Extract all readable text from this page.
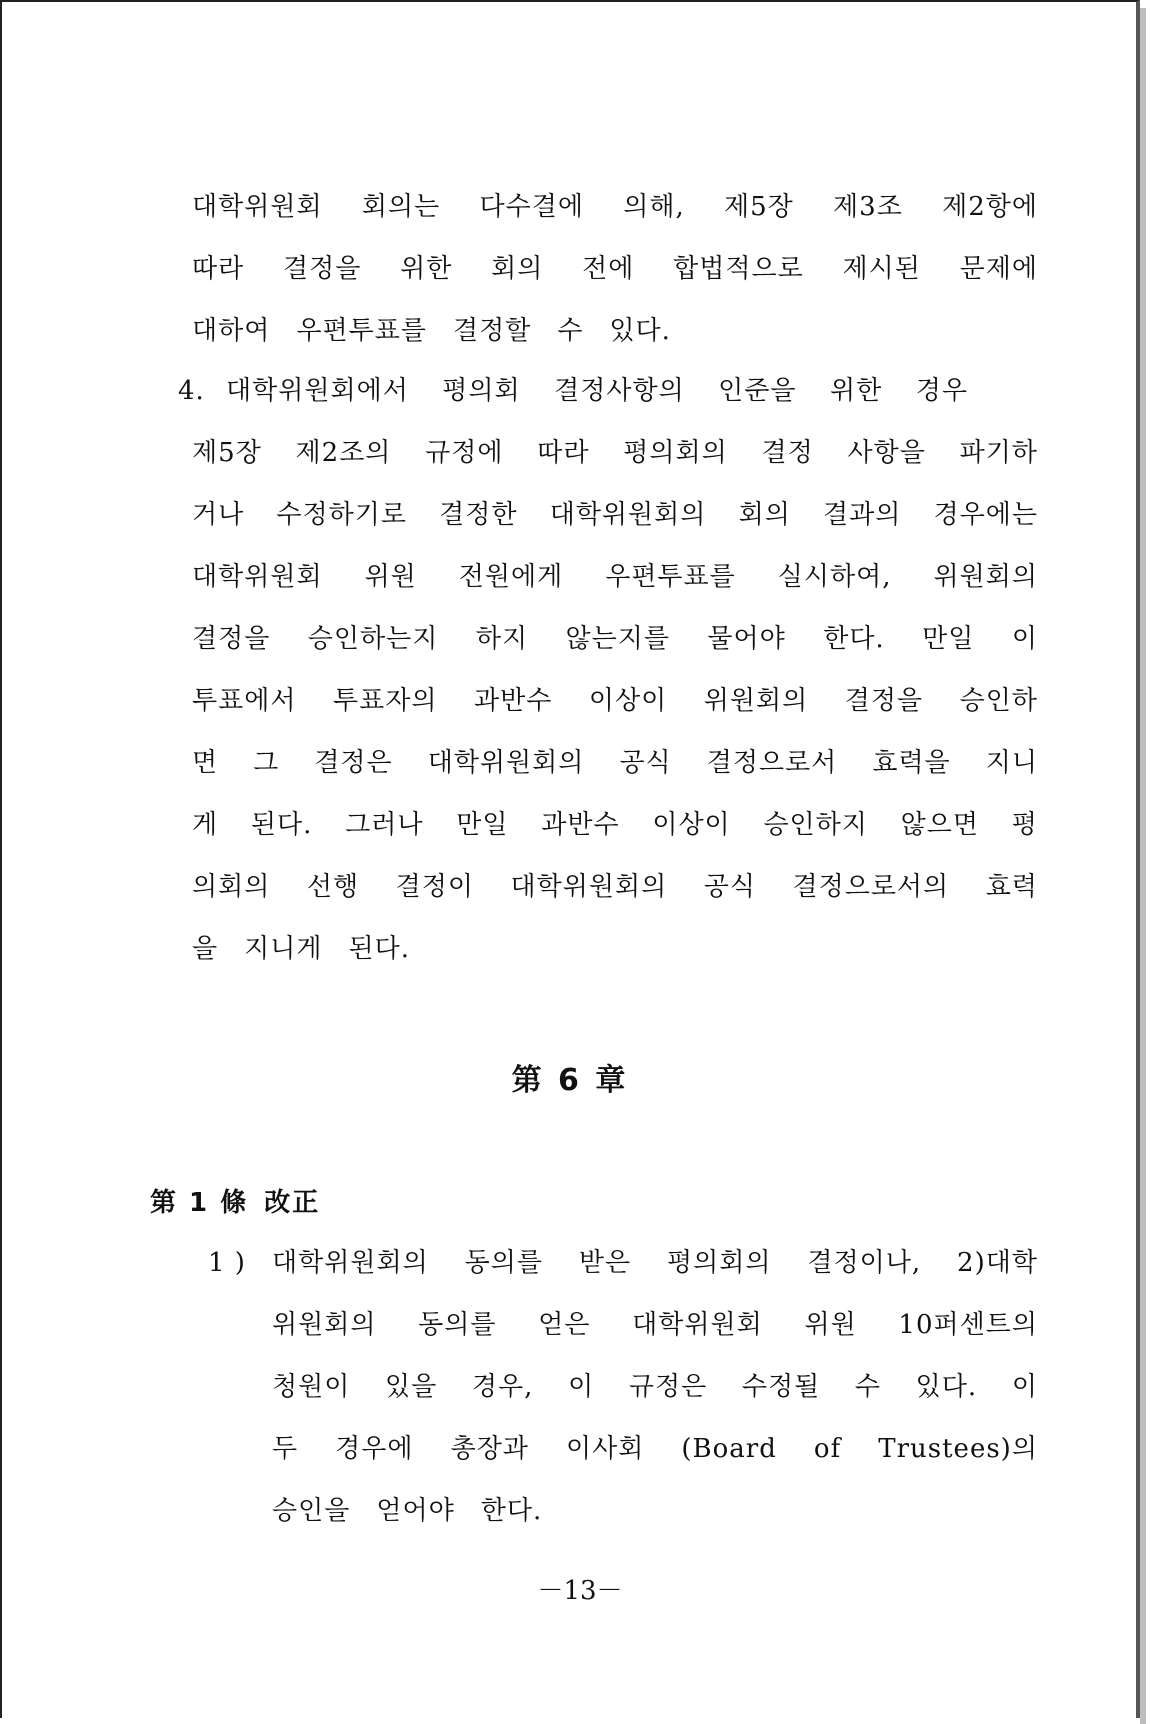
대학위원회 회의는 다수결에 의해, 제5장 제3조 제2항에
따라 결정을 위한 회의 전에 합법적으로 제시된 문제에
대하여 우편투표를 결정할 수 있다.
4. 대학위원회에서 평의회 결정사항의 인준을 위한 경우
제5장 제2조의 규정에 따라 평의회의 결정 사항을 파기하
거나 수정하기로 결정한 대학위원회의 회의 결과의 경우에는
대학위원회 위원 전원에게 우편투표를 실시하여, 위원회의
결정을 승인하는지 하지 않는지를 물어야 한다. 만일 이
투표에서 투표자의 과반수 이상이 위원회의 결정을 승인하
면 그 결정은 대학위원회의 공식 결정으로서 효력을 지니
게 된다. 그러나 만일 과반수 이상이 승인하지 않으면 평
의회의 선행 결정이 대학위원회의 공식 결정으로서의 효력
을 지니게 된다.
第 6 章
第 1 條 改正
1 ) 대학위원회의 동의를 받은 평의회의 결정이나, 2)대학
위원회의 동의를 얻은 대학위원회 위원 10퍼센트의
청원이 있을 경우, 이 규정은 수정될 수 있다. 이
두 경우에 총장과 이사회 (Board of Trustees)의
승인을 얻어야 한다.
－13－
